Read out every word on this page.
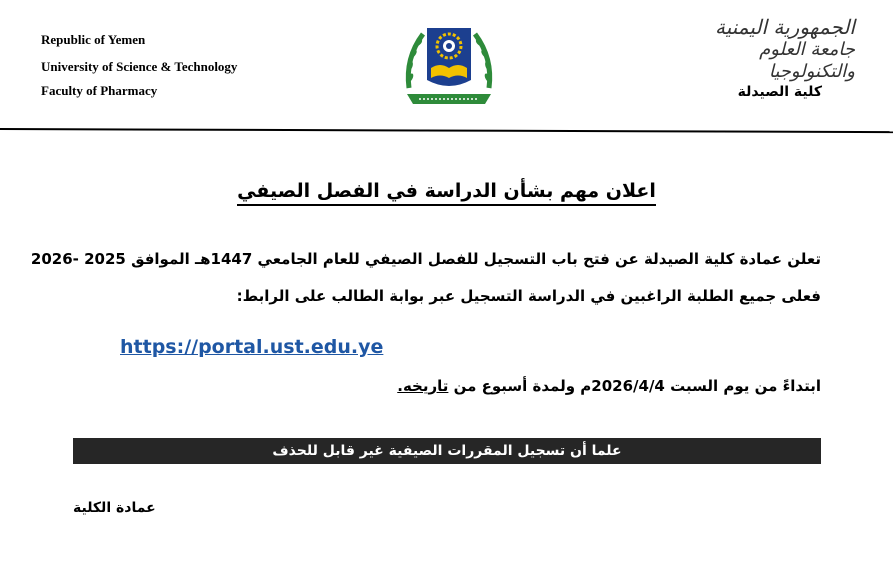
Republic of Yemen
University of Science & Technology
Faculty of Pharmacy
الجمهورية اليمنية
جامعة العلوم والتكنولوجيا
كلية الصيدلة
اعلان مهم بشأن الدراسة في الفصل الصيفي
تعلن عمادة كلية الصيدلة عن فتح باب التسجيل للفصل الصيفي للعام الجامعي 1447هـ الموافق 2025 -2026
فعلى جميع الطلبة الراغبين في الدراسة التسجيل عبر بوابة الطالب على الرابط:
https://portal.ust.edu.ye
ابتداءً من يوم السبت 2026/4/4م ولمدة أسبوع من تاريخه.
علما أن تسجيل المقررات الصيفية غير قابل للحذف
عمادة الكلية
